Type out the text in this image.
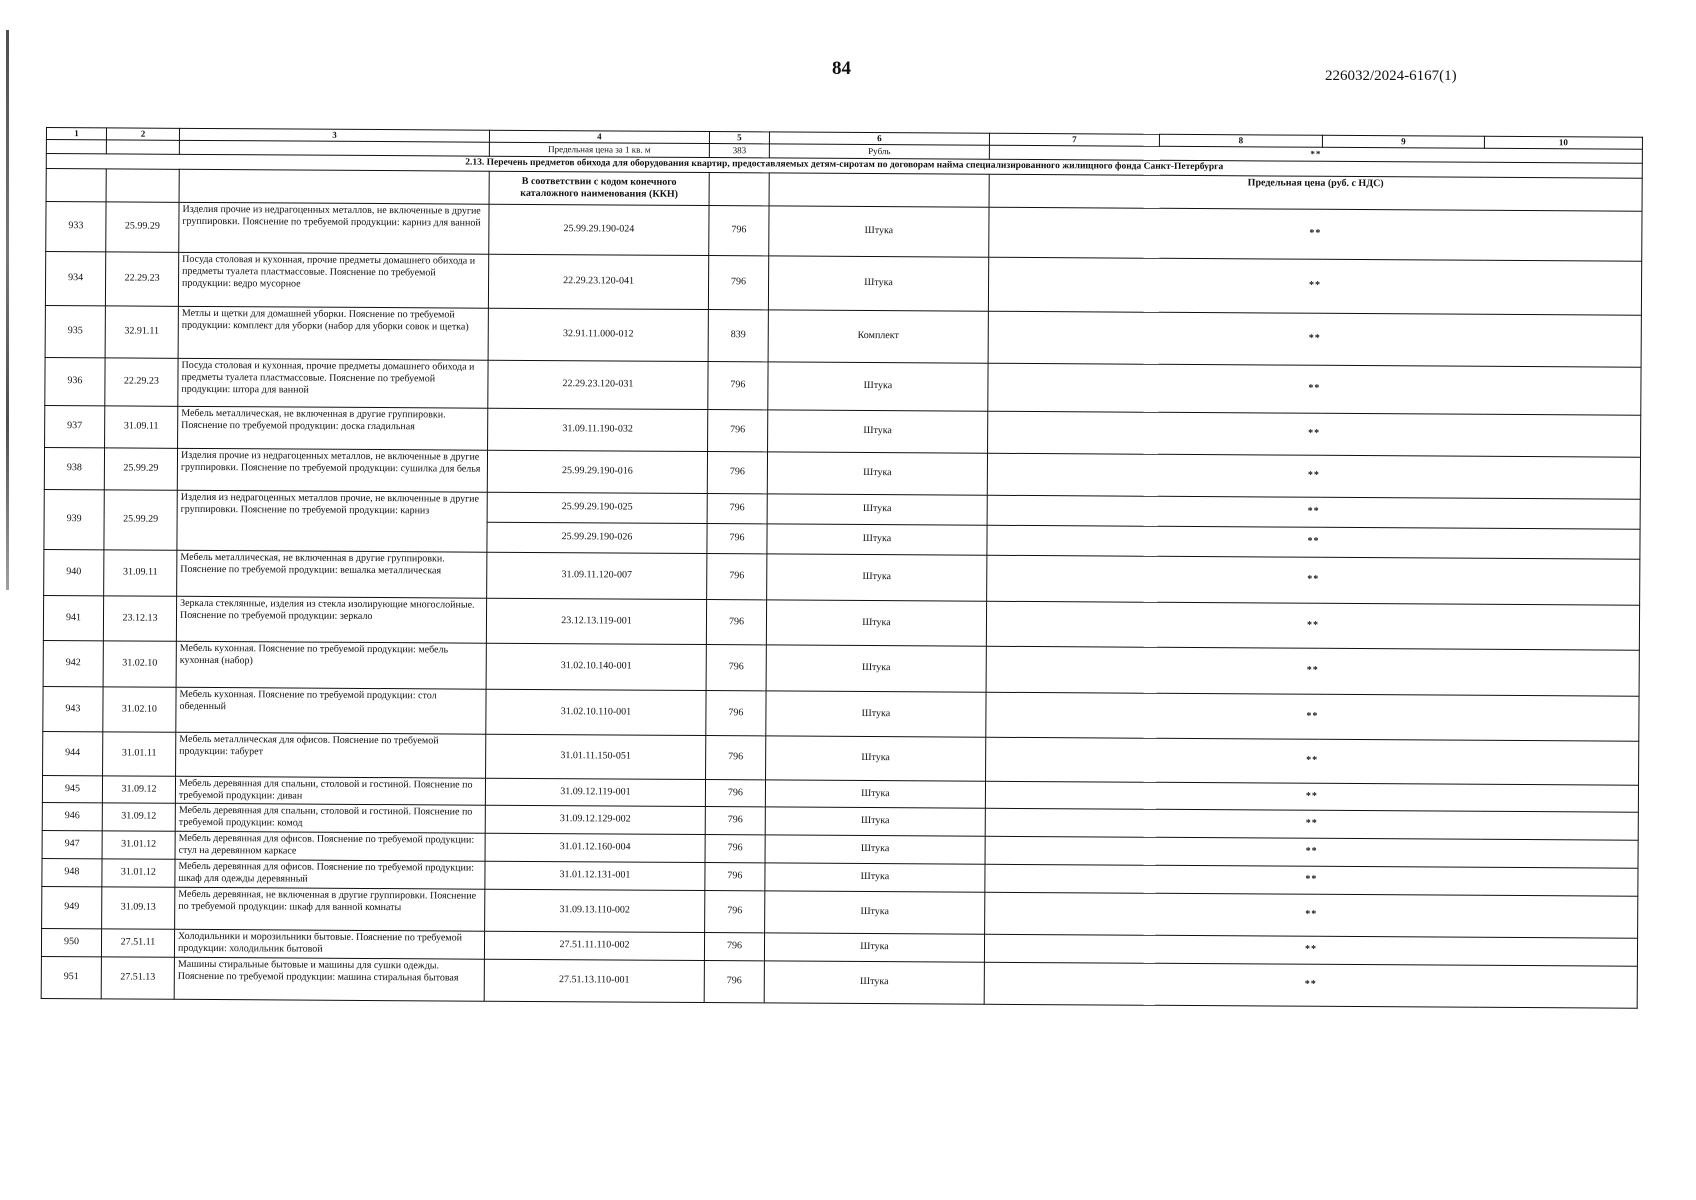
84	226032/2024-6167(1)
1	2	3	4	5	6	7	8	9	10
			Предельная цена за 1 кв. м	383	Рубль	**			
2.13. Перечень предметов обихода для оборудования квартир, предоставляемых детям-сиротам по договорам найма специализированного жилищного фонда Санкт-Петербурга									
			В соответствии с кодом конечного каталожного наименования (ККН)			Предельная цена (руб. с НДС)			
933	25.99.29	Изделия прочие из недрагоценных металлов, не включенные в другие группировки. Пояснение по требуемой продукции: карниз для ванной	25.99.29.190-024	796	Штука	**			
934	22.29.23	Посуда столовая и кухонная, прочие предметы домашнего обихода и предметы туалета пластмассовые. Пояснение по требуемой продукции: ведро мусорное	22.29.23.120-041	796	Штука	**			
935	32.91.11	Метлы и щетки для домашней уборки. Пояснение по требуемой продукции: комплект для уборки (набор для уборки совок и щетка)	32.91.11.000-012	839	Комплект	**			
936	22.29.23	Посуда столовая и кухонная, прочие предметы домашнего обихода и предметы туалета пластмассовые. Пояснение по требуемой продукции: штора для ванной	22.29.23.120-031	796	Штука	**			
937	31.09.11	Мебель металлическая, не включенная в другие группировки. Пояснение по требуемой продукции: доска гладильная	31.09.11.190-032	796	Штука	**			
938	25.99.29	Изделия прочие из недрагоценных металлов, не включенные в другие группировки. Пояснение по требуемой продукции: сушилка для белья	25.99.29.190-016	796	Штука	**			
939	25.99.29	Изделия из недрагоценных металлов прочие, не включенные в другие группировки. Пояснение по требуемой продукции: карниз	25.99.29.190-025	796	Штука	**			
			25.99.29.190-026	796	Штука	**			
940	31.09.11	Мебель металлическая, не включенная в другие группировки. Пояснение по требуемой продукции: вешалка металлическая	31.09.11.120-007	796	Штука	**			
941	23.12.13	Зеркала стеклянные, изделия из стекла изолирующие многослойные. Пояснение по требуемой продукции: зеркало	23.12.13.119-001	796	Штука	**			
942	31.02.10	Мебель кухонная. Пояснение по требуемой продукции: мебель кухонная (набор)	31.02.10.140-001	796	Штука	**			
943	31.02.10	Мебель кухонная. Пояснение по требуемой продукции: стол обеденный	31.02.10.110-001	796	Штука	**			
944	31.01.11	Мебель металлическая для офисов. Пояснение по требуемой продукции: табурет	31.01.11.150-051	796	Штука	**			
945	31.09.12	Мебель деревянная для спальни, столовой и гостиной. Пояснение по требуемой продукции: диван	31.09.12.119-001	796	Штука	**			
946	31.09.12	Мебель деревянная для спальни, столовой и гостиной. Пояснение по требуемой продукции: комод	31.09.12.129-002	796	Штука	**			
947	31.01.12	Мебель деревянная для офисов. Пояснение по требуемой продукции: стул на деревянном каркасе	31.01.12.160-004	796	Штука	**			
948	31.01.12	Мебель деревянная для офисов. Пояснение по требуемой продукции: шкаф для одежды деревянный	31.01.12.131-001	796	Штука	**			
949	31.09.13	Мебель деревянная, не включенная в другие группировки. Пояснение по требуемой продукции: шкаф для ванной комнаты	31.09.13.110-002	796	Штука	**			
950	27.51.11	Холодильники и морозильники бытовые. Пояснение по требуемой продукции: холодильник бытовой	27.51.11.110-002	796	Штука	**			
951	27.51.13	Машины стиральные бытовые и машины для сушки одежды. Пояснение по требуемой продукции: машина стиральная бытовая	27.51.13.110-001	796	Штука	**			
